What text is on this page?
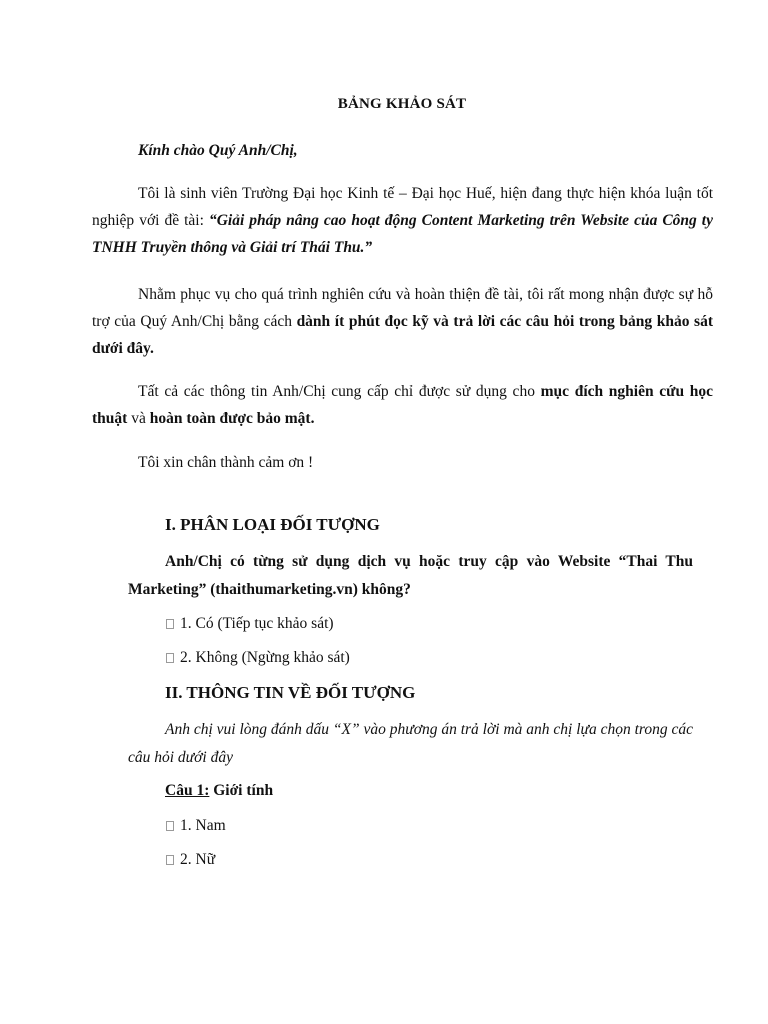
BẢNG KHẢO SÁT
Kính chào Quý Anh/Chị,
Tôi là sinh viên Trường Đại học Kinh tế – Đại học Huế, hiện đang thực hiện khóa luận tốt nghiệp với đề tài: “Giải pháp nâng cao hoạt động Content Marketing trên Website của Công ty TNHH Truyền thông và Giải trí Thái Thu.”
Nhằm phục vụ cho quá trình nghiên cứu và hoàn thiện đề tài, tôi rất mong nhận được sự hỗ trợ của Quý Anh/Chị bằng cách dành ít phút đọc kỹ và trả lời các câu hỏi trong bảng khảo sát dưới đây.
Tất cả các thông tin Anh/Chị cung cấp chỉ được sử dụng cho mục đích nghiên cứu học thuật và hoàn toàn được bảo mật.
Tôi xin chân thành cảm ơn !
I. PHÂN LOẠI ĐỐI TƯỢNG
Anh/Chị có từng sử dụng dịch vụ hoặc truy cập vào Website “Thai Thu Marketing” (thaithumarketing.vn) không?
1. Có (Tiếp tục khảo sát)
2. Không (Ngừng khảo sát)
II. THÔNG TIN VỀ ĐỐI TƯỢNG
Anh chị vui lòng đánh dấu “X” vào phương án trả lời mà anh chị lựa chọn trong các câu hỏi dưới đây
Câu 1: Giới tính
1. Nam
2. Nữ
